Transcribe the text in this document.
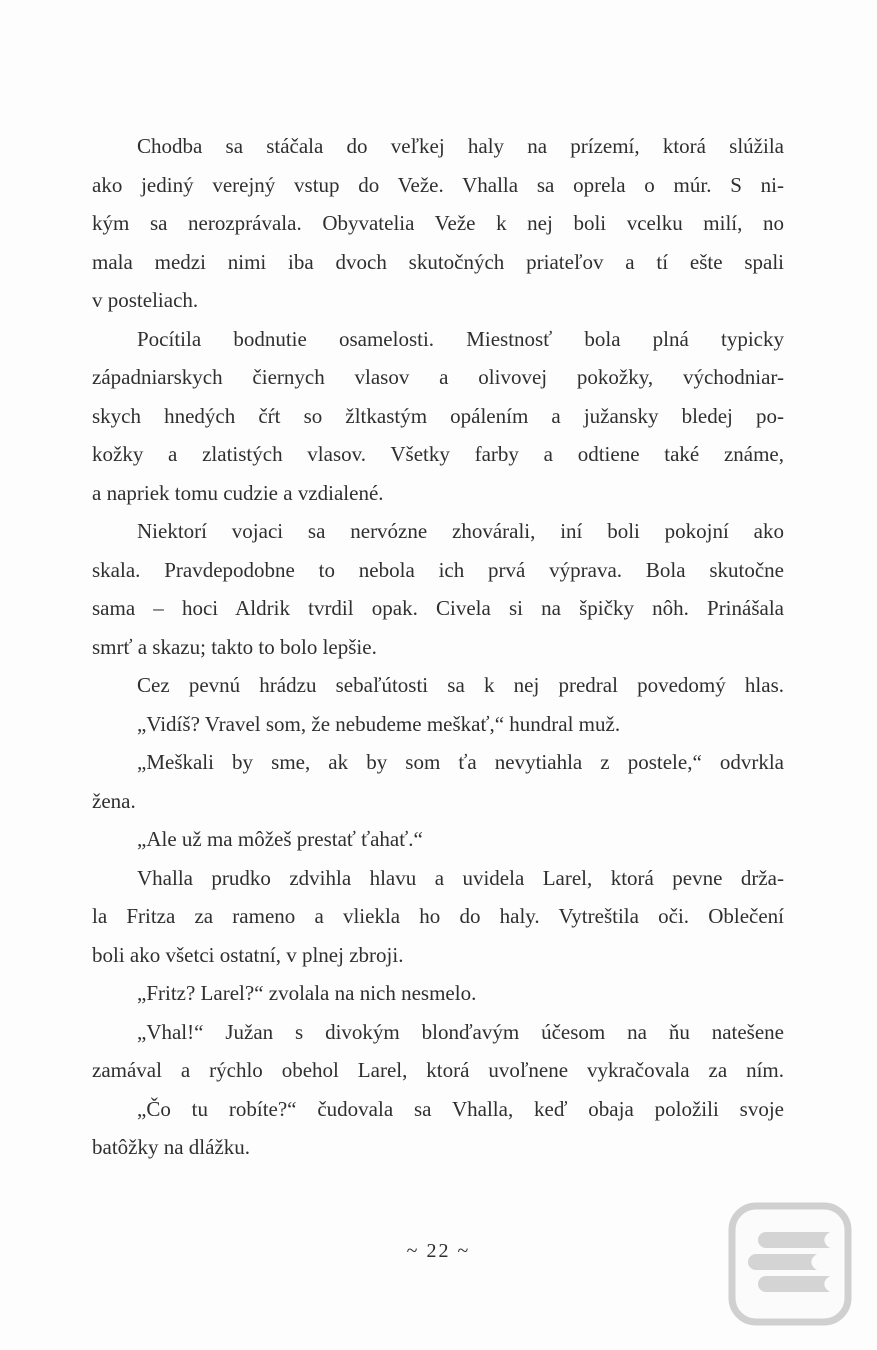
Chodba sa stáčala do veľkej haly na prízemí, ktorá slúžila
ako jediný verejný vstup do Veže. Vhalla sa oprela o múr. S ni-
kým sa nerozprávala. Obyvatelia Veže k nej boli vcelku milí, no
mala medzi nimi iba dvoch skutočných priateľov a tí ešte spali
v posteliach.
Pocítila bodnutie osamelosti. Miestnosť bola plná typicky
západniarskych čiernych vlasov a olivovej pokožky, východniar-
skych hnedých čŕt so žltkastým opálením a južansky bledej po-
kožky a zlatistých vlasov. Všetky farby a odtiene také známe,
a napriek tomu cudzie a vzdialené.
Niektorí vojaci sa nervózne zhovárali, iní boli pokojní ako
skala. Pravdepodobne to nebola ich prvá výprava. Bola skutočne
sama – hoci Aldrik tvrdil opak. Civela si na špičky nôh. Prinášala
smrť a skazu; takto to bolo lepšie.
Cez pevnú hrádzu sebaľútosti sa k nej predral povedomý hlas.
„Vidíš? Vravel som, že nebudeme meškať,“ hundral muž.
„Meškali by sme, ak by som ťa nevytiahla z postele,“ odvrkla
žena.
„Ale už ma môžeš prestať ťahať.“
Vhalla prudko zdvihla hlavu a uvidela Larel, ktorá pevne drža-
la Fritza za rameno a vliekla ho do haly. Vytreštila oči. Oblečení
boli ako všetci ostatní, v plnej zbroji.
„Fritz? Larel?“ zvolala na nich nesmelo.
„Vhal!“ Južan s divokým blonďavým účesom na ňu natešene
zamával a rýchlo obehol Larel, ktorá uvoľnene vykračovala za ním.
„Čo tu robíte?“ čudovala sa Vhalla, keď obaja položili svoje
batôžky na dlážku.
~ 22 ~
